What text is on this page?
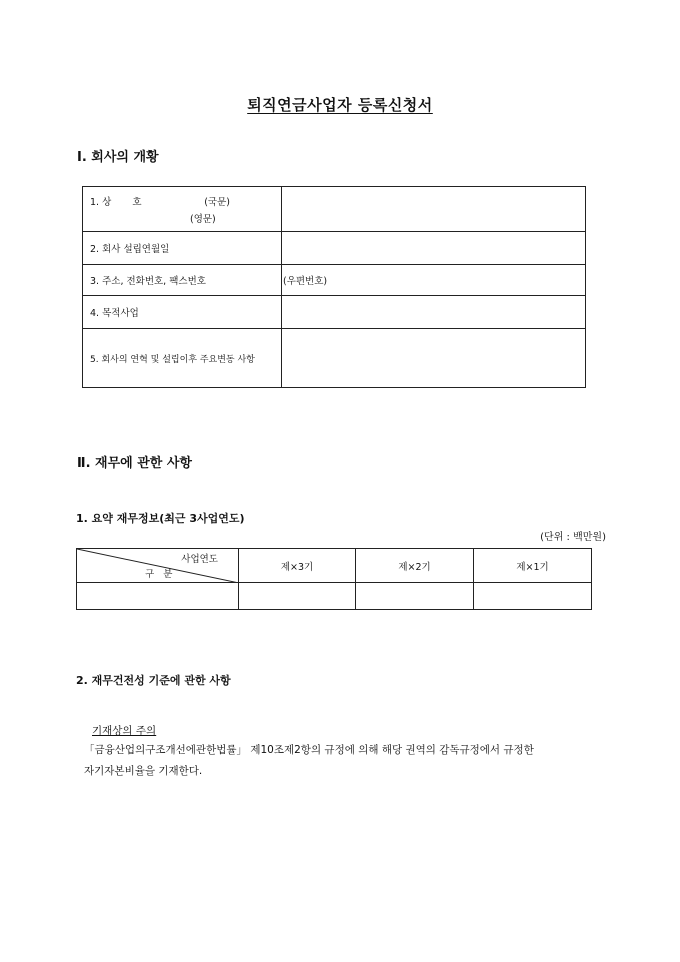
퇴직연금사업자 등록신청서
Ⅰ. 회사의 개황
1. 상       호 (국문)
(영문)	

2. 회사 설립연월일	
3. 주소, 전화번호, 팩스번호	(우편번호)
4. 목적사업	
5. 회사의 연혁 및 설립이후 주요변동 사항	
Ⅱ. 재무에 관한 사항
1. 요약 재무정보(최근 3사업연도)
(단위 : 백만원)
사업연도
구   분	제×3기	제×2기	제×1기

2. 재무건전성 기준에 관한 사항
기재상의 주의
「금융산업의구조개선에관한법률」 제10조제2항의 규정에 의해 해당 권역의 감독규정에서 규정한
자기자본비율을 기재한다.
